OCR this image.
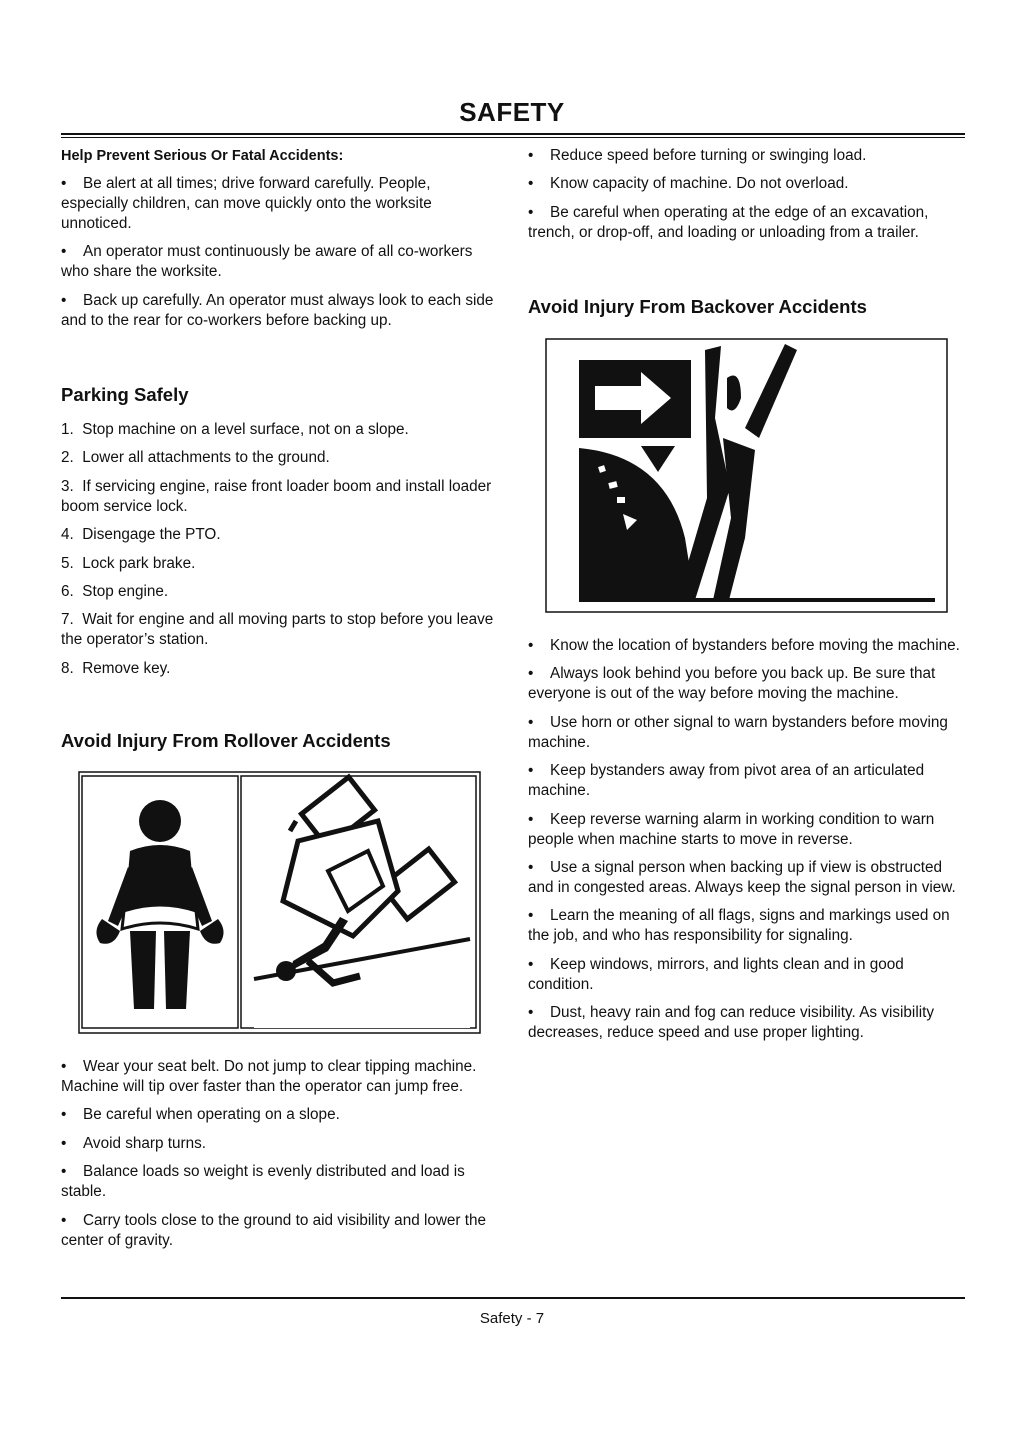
SAFETY

Help Prevent Serious Or Fatal Accidents:

• Be alert at all times; drive forward carefully. People, especially children, can move quickly onto the worksite unnoticed.

• An operator must continuously be aware of all co-workers who share the worksite.

• Back up carefully. An operator must always look to each side and to the rear for co-workers before backing up.

Parking Safely

1.  Stop machine on a level surface, not on a slope.

2.  Lower all attachments to the ground.

3.  If servicing engine, raise front loader boom and install loader boom service lock.

4.  Disengage the PTO.

5.  Lock park brake.

6.  Stop engine.

7.  Wait for engine and all moving parts to stop before you leave the operator’s station.

8.  Remove key.

Avoid Injury From Rollover Accidents

• Wear your seat belt. Do not jump to clear tipping machine. Machine will tip over faster than the operator can jump free.

• Be careful when operating on a slope.

• Avoid sharp turns.

• Balance loads so weight is evenly distributed and load is stable.

• Carry tools close to the ground to aid visibility and lower the center of gravity.

• Reduce speed before turning or swinging load.

• Know capacity of machine. Do not overload.

• Be careful when operating at the edge of an excavation, trench, or drop-off, and loading or unloading from a trailer.

Avoid Injury From Backover Accidents

• Know the location of bystanders before moving the machine.

• Always look behind you before you back up. Be sure that everyone is out of the way before moving the machine.

• Use horn or other signal to warn bystanders before moving machine.

• Keep bystanders away from pivot area of an articulated machine.

• Keep reverse warning alarm in working condition to warn people when machine starts to move in reverse.

• Use a signal person when backing up if view is obstructed and in congested areas. Always keep the signal person in view.

• Learn the meaning of all flags, signs and markings used on the job, and who has responsibility for signaling.

• Keep windows, mirrors, and lights clean and in good condition.

• Dust, heavy rain and fog can reduce visibility. As visibility decreases, reduce speed and use proper lighting.

Safety - 7
